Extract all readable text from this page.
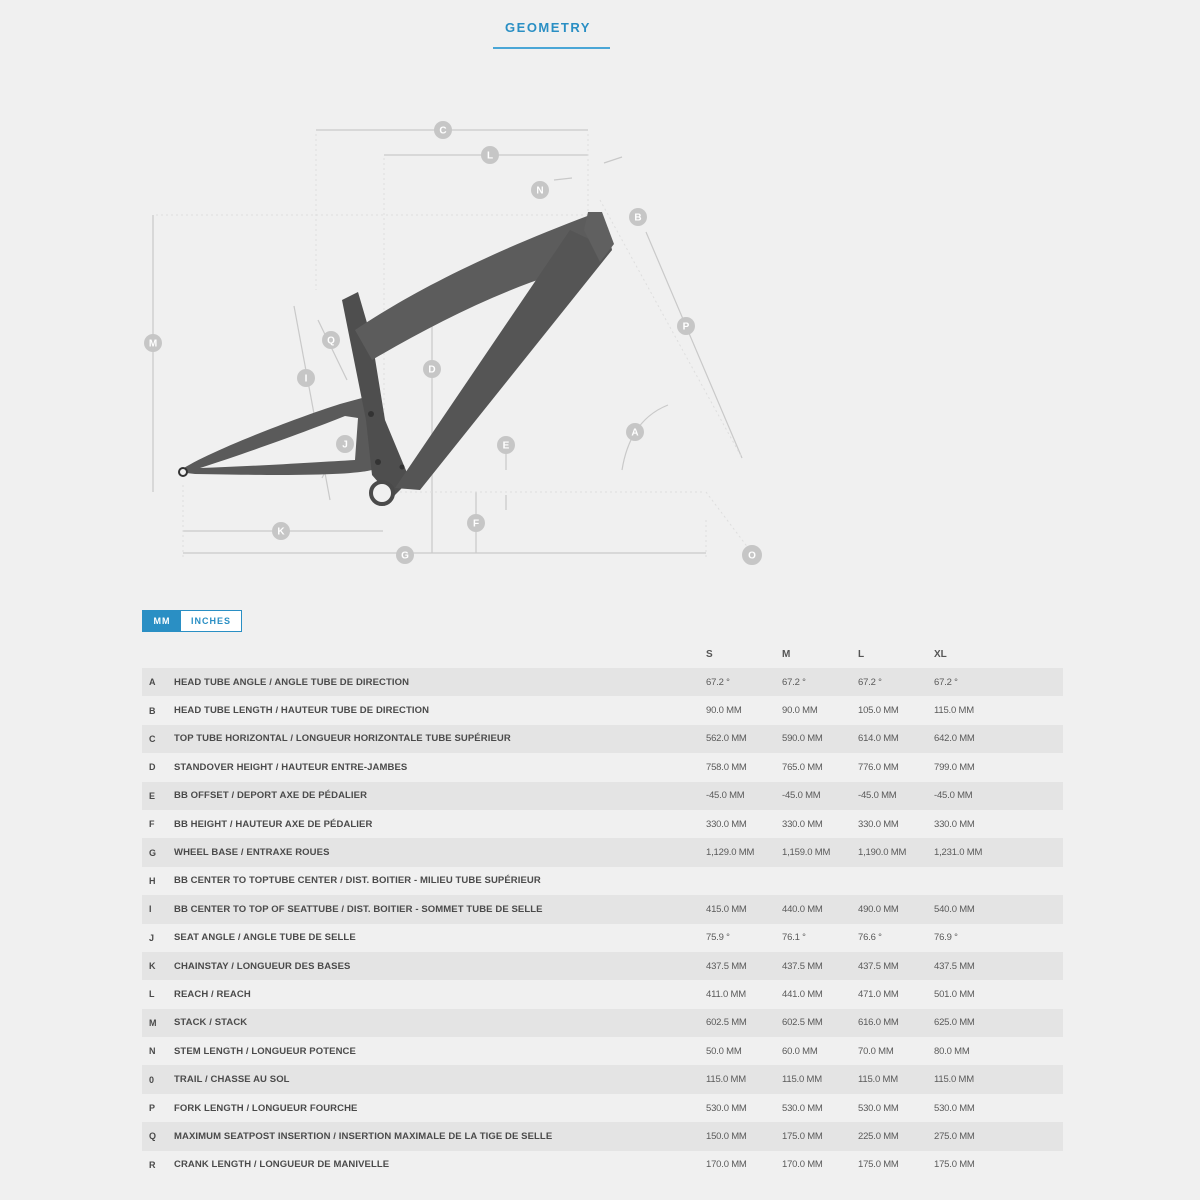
GEOMETRY
A
B
C
D
E
F
G
I
J
K
L
M
N
O
P
Q
MM	INCHES
		S	M	L	XL
A	HEAD TUBE ANGLE / ANGLE TUBE DE DIRECTION	67.2 °	67.2 °	67.2 °	67.2 °
B	HEAD TUBE LENGTH / HAUTEUR TUBE DE DIRECTION	90.0 MM	90.0 MM	105.0 MM	115.0 MM
C	TOP TUBE HORIZONTAL / LONGUEUR HORIZONTALE TUBE SUPÉRIEUR	562.0 MM	590.0 MM	614.0 MM	642.0 MM
D	STANDOVER HEIGHT / HAUTEUR ENTRE-JAMBES	758.0 MM	765.0 MM	776.0 MM	799.0 MM
E	BB OFFSET / DEPORT AXE DE PÉDALIER	-45.0 MM	-45.0 MM	-45.0 MM	-45.0 MM
F	BB HEIGHT / HAUTEUR AXE DE PÉDALIER	330.0 MM	330.0 MM	330.0 MM	330.0 MM
G	WHEEL BASE / ENTRAXE ROUES	1,129.0 MM	1,159.0 MM	1,190.0 MM	1,231.0 MM
H	BB CENTER TO TOPTUBE CENTER / DIST. BOITIER - MILIEU TUBE SUPÉRIEUR				
I	BB CENTER TO TOP OF SEATTUBE / DIST. BOITIER - SOMMET TUBE DE SELLE	415.0 MM	440.0 MM	490.0 MM	540.0 MM
J	SEAT ANGLE / ANGLE TUBE DE SELLE	75.9 °	76.1 °	76.6 °	76.9 °
K	CHAINSTAY / LONGUEUR DES BASES	437.5 MM	437.5 MM	437.5 MM	437.5 MM
L	REACH / REACH	411.0 MM	441.0 MM	471.0 MM	501.0 MM
M	STACK / STACK	602.5 MM	602.5 MM	616.0 MM	625.0 MM
N	STEM LENGTH / LONGUEUR POTENCE	50.0 MM	60.0 MM	70.0 MM	80.0 MM
0	TRAIL / CHASSE AU SOL	115.0 MM	115.0 MM	115.0 MM	115.0 MM
P	FORK LENGTH / LONGUEUR FOURCHE	530.0 MM	530.0 MM	530.0 MM	530.0 MM
Q	MAXIMUM SEATPOST INSERTION / INSERTION MAXIMALE DE LA TIGE DE SELLE	150.0 MM	175.0 MM	225.0 MM	275.0 MM
R	CRANK LENGTH / LONGUEUR DE MANIVELLE	170.0 MM	170.0 MM	175.0 MM	175.0 MM
